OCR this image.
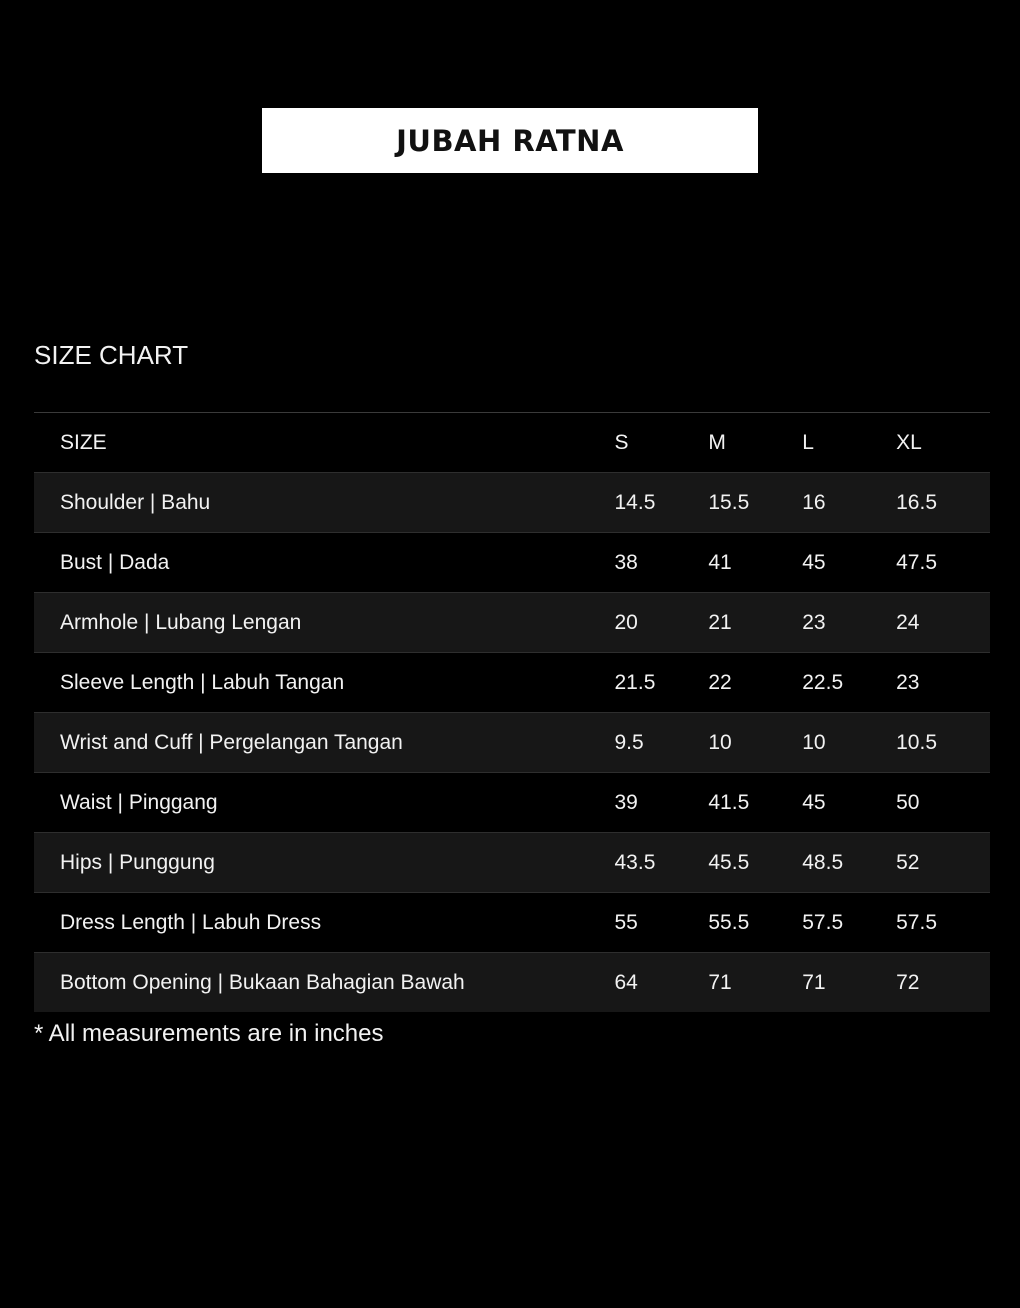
JUBAH RATNA
SIZE CHART
SIZE	S	M	L	XL
Shoulder | Bahu	14.5	15.5	16	16.5
Bust | Dada	38	41	45	47.5
Armhole | Lubang Lengan	20	21	23	24
Sleeve Length | Labuh Tangan	21.5	22	22.5	23
Wrist and Cuff | Pergelangan Tangan	9.5	10	10	10.5
Waist | Pinggang	39	41.5	45	50
Hips | Punggung	43.5	45.5	48.5	52
Dress Length | Labuh Dress	55	55.5	57.5	57.5
Bottom Opening | Bukaan Bahagian Bawah	64	71	71	72
* All measurements are in inches
